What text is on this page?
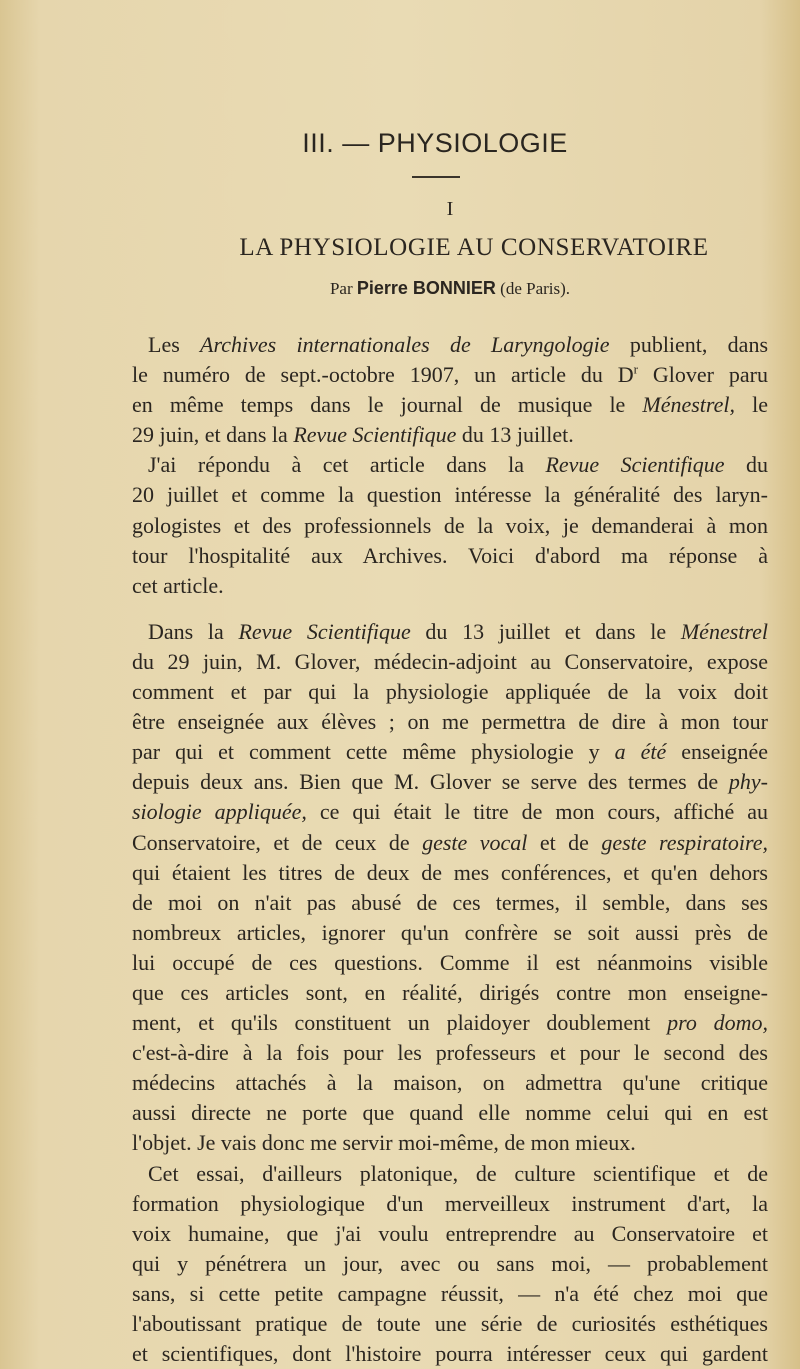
III. — PHYSIOLOGIE
I
LA PHYSIOLOGIE AU CONSERVATOIRE
Par Pierre BONNIER (de Paris).
Les Archives internationales de Laryngologie publient, dans
le numéro de sept.-octobre 1907, un article du $D^r$ Glover paru
en même temps dans le journal de musique le Ménestrel, le
29 juin, et dans la Revue Scientifique du 13 juillet.
J'ai répondu à cet article dans la Revue Scientifique du
20 juillet et comme la question intéresse la généralité des laryn-
gologistes et des professionnels de la voix, je demanderai à mon
tour l'hospitalité aux Archives. Voici d'abord ma réponse à
cet article.
Dans la Revue Scientifique du 13 juillet et dans le Ménestrel
du 29 juin, M. Glover, médecin-adjoint au Conservatoire, expose
comment et par qui la physiologie appliquée de la voix doit
être enseignée aux élèves ; on me permettra de dire à mon tour
par qui et comment cette même physiologie y a été enseignée
depuis deux ans. Bien que M. Glover se serve des termes de phy-
siologie appliquée, ce qui était le titre de mon cours, affiché au
Conservatoire, et de ceux de geste vocal et de geste respiratoire,
qui étaient les titres de deux de mes conférences, et qu'en dehors
de moi on n'ait pas abusé de ces termes, il semble, dans ses
nombreux articles, ignorer qu'un confrère se soit aussi près de
lui occupé de ces questions. Comme il est néanmoins visible
que ces articles sont, en réalité, dirigés contre mon enseigne-
ment, et qu'ils constituent un plaidoyer doublement pro domo,
c'est-à-dire à la fois pour les professeurs et pour le second des
médecins attachés à la maison, on admettra qu'une critique
aussi directe ne porte que quand elle nomme celui qui en est
l'objet. Je vais donc me servir moi-même, de mon mieux.
Cet essai, d'ailleurs platonique, de culture scientifique et de
formation physiologique d'un merveilleux instrument d'art, la
voix humaine, que j'ai voulu entreprendre au Conservatoire et
qui y pénétrera un jour, avec ou sans moi, — probablement
sans, si cette petite campagne réussit, — n'a été chez moi que
l'aboutissant pratique de toute une série de curiosités esthétiques
et scientifiques, dont l'histoire pourra intéresser ceux qui gardent
